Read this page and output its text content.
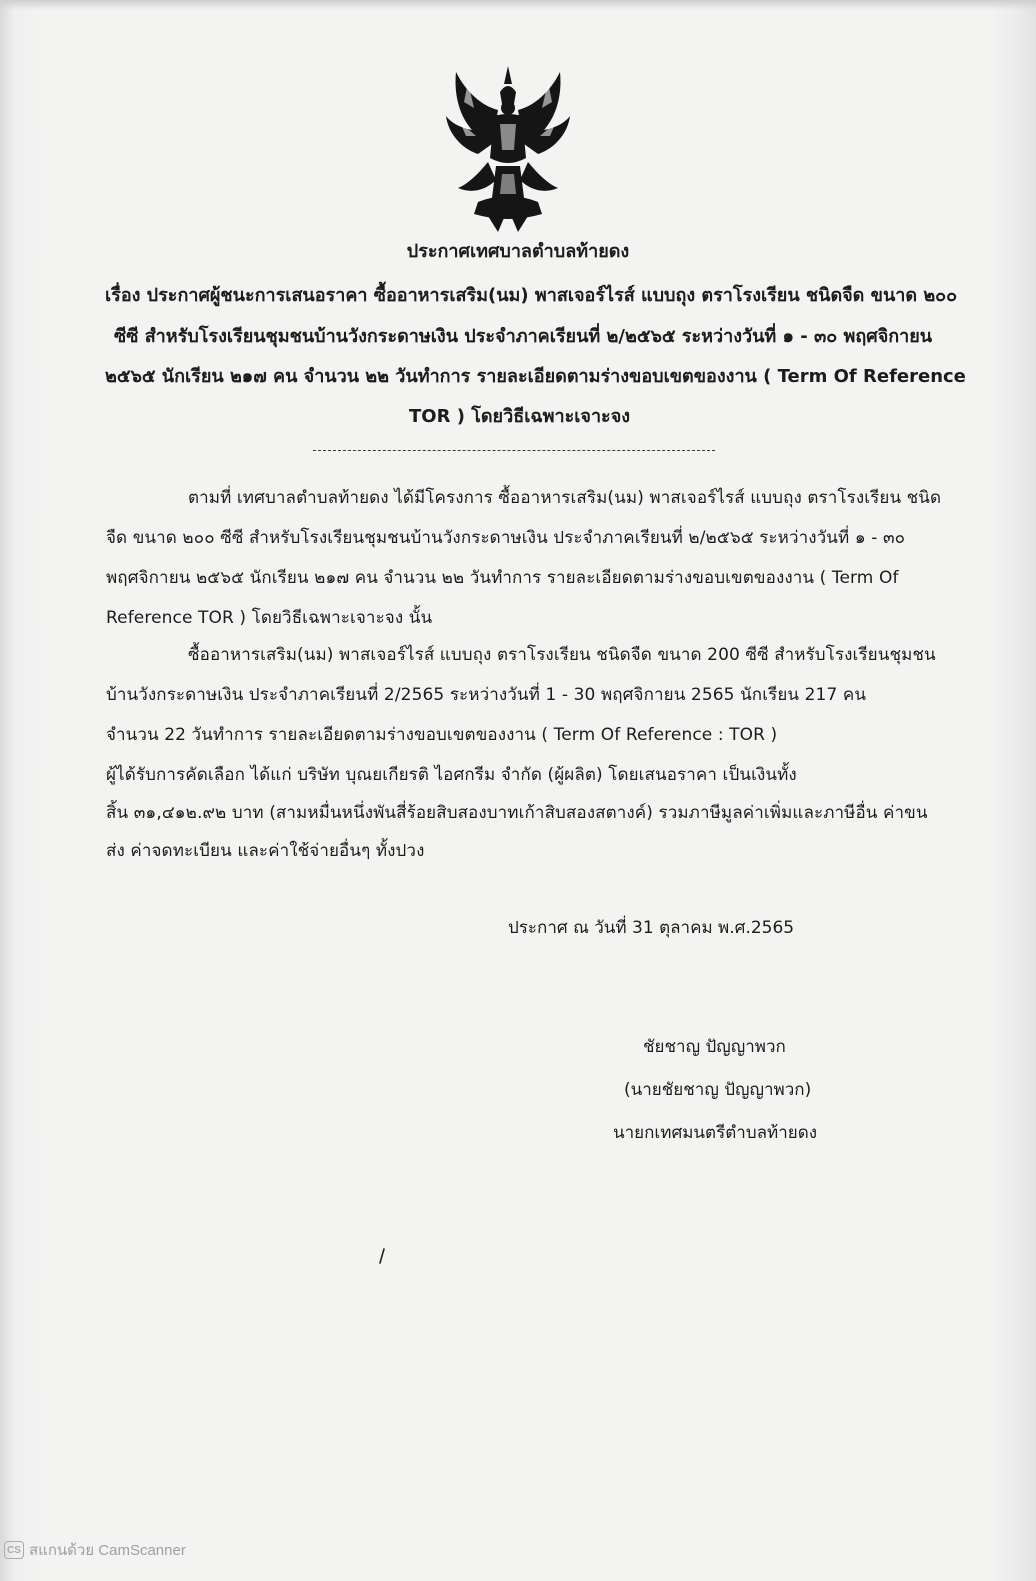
ประกาศเทศบาลตำบลท้ายดง
เรื่อง ประกาศผู้ชนะการเสนอราคา ซื้ออาหารเสริม(นม) พาสเจอร์ไรส์ แบบถุง ตราโรงเรียน ชนิดจืด ขนาด ๒๐๐
ซีซี สำหรับโรงเรียนชุมชนบ้านวังกระดาษเงิน ประจำภาคเรียนที่ ๒/๒๕๖๕ ระหว่างวันที่ ๑ - ๓๐ พฤศจิกายน
๒๕๖๕ นักเรียน ๒๑๗ คน จำนวน ๒๒ วันทำการ รายละเอียดตามร่างขอบเขตของงาน ( Term Of Reference
TOR ) โดยวิธีเฉพาะเจาะจง
ตามที่ เทศบาลตำบลท้ายดง ได้มีโครงการ ซื้ออาหารเสริม(นม) พาสเจอร์ไรส์ แบบถุง ตราโรงเรียน ชนิด
จืด ขนาด ๒๐๐ ซีซี สำหรับโรงเรียนชุมชนบ้านวังกระดาษเงิน ประจำภาคเรียนที่ ๒/๒๕๖๕ ระหว่างวันที่ ๑ - ๓๐
พฤศจิกายน ๒๕๖๕ นักเรียน ๒๑๗ คน จำนวน ๒๒ วันทำการ รายละเอียดตามร่างขอบเขตของงาน ( Term Of
Reference TOR ) โดยวิธีเฉพาะเจาะจง นั้น
ซื้ออาหารเสริม(นม) พาสเจอร์ไรส์ แบบถุง ตราโรงเรียน ชนิดจืด ขนาด 200 ซีซี สำหรับโรงเรียนชุมชน
บ้านวังกระดาษเงิน ประจำภาคเรียนที่ 2/2565 ระหว่างวันที่ 1 - 30 พฤศจิกายน 2565 นักเรียน 217 คน
จำนวน 22 วันทำการ รายละเอียดตามร่างขอบเขตของงาน ( Term Of Reference : TOR )
ผู้ได้รับการคัดเลือก ได้แก่ บริษัท บุณยเกียรติ ไอศกรีม จำกัด (ผู้ผลิต) โดยเสนอราคา เป็นเงินทั้ง
สิ้น ๓๑,๔๑๒.๙๒ บาท (สามหมื่นหนึ่งพันสี่ร้อยสิบสองบาทเก้าสิบสองสตางค์) รวมภาษีมูลค่าเพิ่มและภาษีอื่น ค่าขน
ส่ง ค่าจดทะเบียน และค่าใช้จ่ายอื่นๆ ทั้งปวง
ประกาศ ณ วันที่ 31 ตุลาคม พ.ศ.2565
ชัยชาญ ปัญญาพวก
(นายชัยชาญ ปัญญาพวก)
นายกเทศมนตรีตำบลท้ายดง
CS สแกนด้วย CamScanner
